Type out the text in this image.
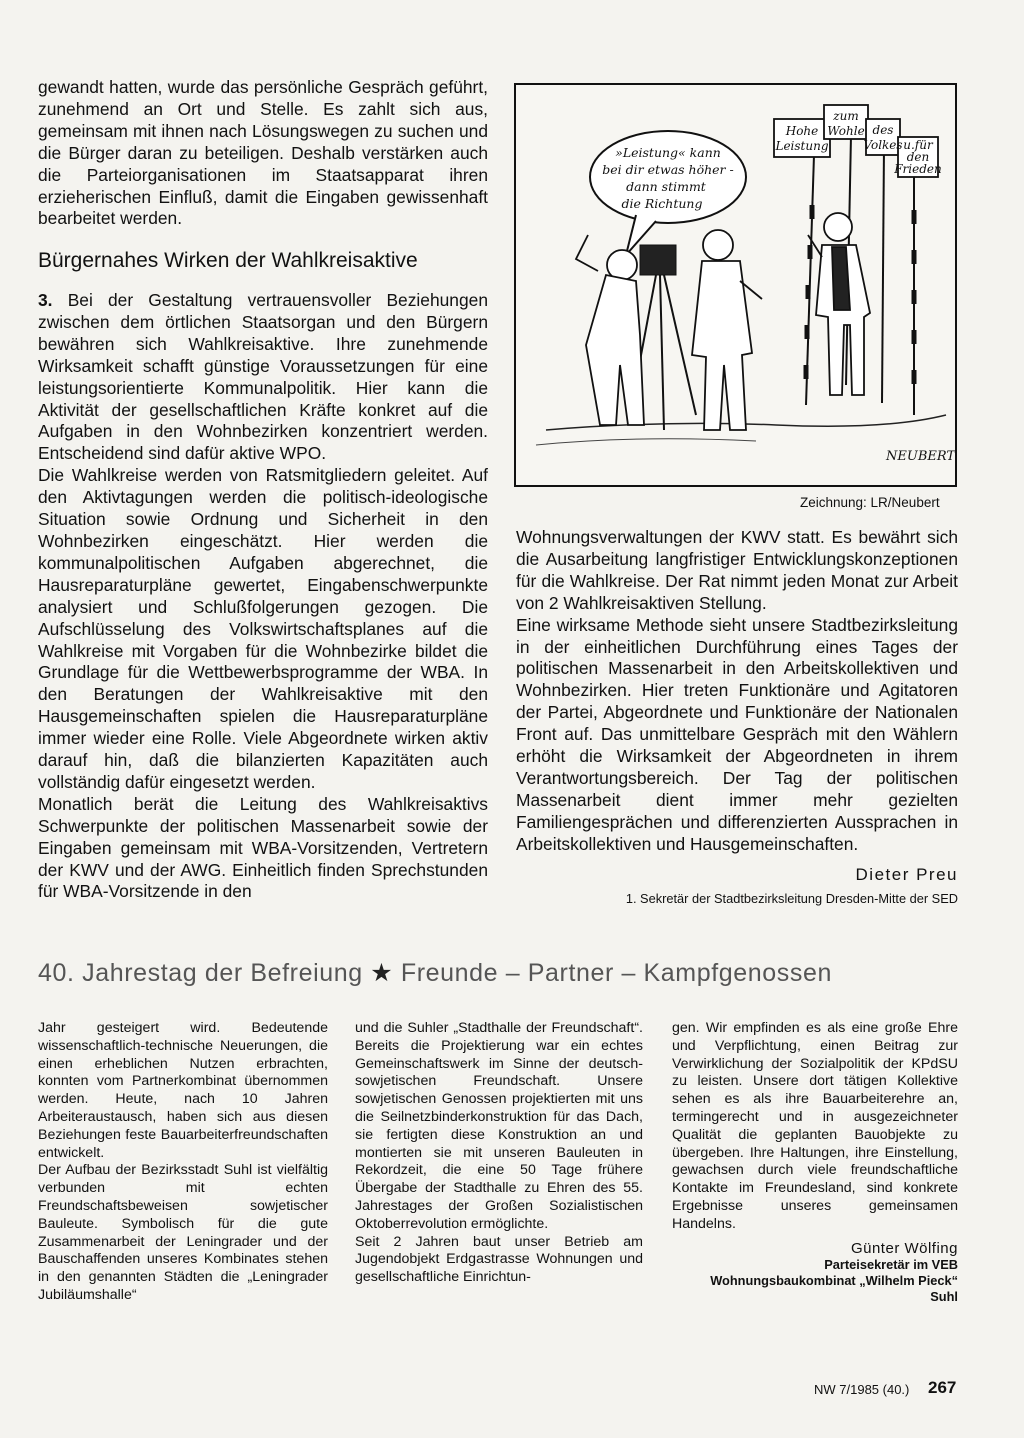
gewandt hatten, wurde das persönliche Gespräch geführt, zunehmend an Ort und Stelle. Es zahlt sich aus, gemeinsam mit ihnen nach Lösungswegen zu suchen und die Bürger daran zu beteiligen. Deshalb verstärken auch die Parteiorganisationen im Staatsapparat ihren erzieherischen Einfluß, damit die Eingaben gewissenhaft bearbeitet werden.

Bürgernahes Wirken der Wahlkreisaktive

3. Bei der Gestaltung vertrauensvoller Beziehungen zwischen dem örtlichen Staatsorgan und den Bürgern bewähren sich Wahlkreisaktive. Ihre zunehmende Wirksamkeit schafft günstige Voraussetzungen für eine leistungsorientierte Kommunalpolitik. Hier kann die Aktivität der gesellschaftlichen Kräfte konkret auf die Aufgaben in den Wohnbezirken konzentriert werden. Entscheidend sind dafür aktive WPO.

Die Wahlkreise werden von Ratsmitgliedern geleitet. Auf den Aktivtagungen werden die politisch-ideologische Situation sowie Ordnung und Sicherheit in den Wohnbezirken eingeschätzt. Hier werden die kommunalpolitischen Aufgaben abgerechnet, die Hausreparaturpläne gewertet, Eingabenschwerpunkte analysiert und Schlußfolgerungen gezogen. Die Aufschlüsselung des Volkswirtschaftsplanes auf die Wahlkreise mit Vorgaben für die Wohnbezirke bildet die Grundlage für die Wettbewerbsprogramme der WBA. In den Beratungen der Wahlkreisaktive mit den Hausgemeinschaften spielen die Hausreparaturpläne immer wieder eine Rolle. Viele Abgeordnete wirken aktiv darauf hin, daß die bilanzierten Kapazitäten auch vollständig dafür eingesetzt werden.

Monatlich berät die Leitung des Wahlkreisaktivs Schwerpunkte der politischen Massenarbeit sowie der Eingaben gemeinsam mit WBA-Vorsitzenden, Vertretern der KWV und der AWG. Einheitlich finden Sprechstunden für WBA-Vorsitzende in den

»Leistung« kann
bei dir etwas höher -
dann stimmt
die Richtung
Hohe
Leistung
zum
Wohle des
Volkes u.für
den
Frieden
NEUBERT
Zeichnung: LR/Neubert

Wohnungsverwaltungen der KWV statt. Es bewährt sich die Ausarbeitung langfristiger Entwicklungskonzeptionen für die Wahlkreise. Der Rat nimmt jeden Monat zur Arbeit von 2 Wahlkreisaktiven Stellung.

Eine wirksame Methode sieht unsere Stadtbezirksleitung in der einheitlichen Durchführung eines Tages der politischen Massenarbeit in den Arbeitskollektiven und Wohnbezirken. Hier treten Funktionäre und Agitatoren der Partei, Abgeordnete und Funktionäre der Nationalen Front auf. Das unmittelbare Gespräch mit den Wählern erhöht die Wirksamkeit der Abgeordneten in ihrem Verantwortungsbereich. Der Tag der politischen Massenarbeit dient immer mehr gezielten Familiengesprächen und differenzierten Aussprachen in Arbeitskollektiven und Hausgemeinschaften.

Dieter Preu
1. Sekretär der Stadtbezirksleitung Dresden-Mitte der SED
40. Jahrestag der Befreiung ★ Freunde – Partner – Kampfgenossen

Jahr gesteigert wird. Bedeutende wissenschaftlich-technische Neuerungen, die einen erheblichen Nutzen erbrachten, konnten vom Partnerkombinat übernommen werden. Heute, nach 10 Jahren Arbeiteraustausch, haben sich aus diesen Beziehungen feste Bauarbeiterfreundschaften entwickelt.

Der Aufbau der Bezirksstadt Suhl ist vielfältig verbunden mit echten Freundschaftsbeweisen sowjetischer Bauleute. Symbolisch für die gute Zusammenarbeit der Leningrader und der Bauschaffenden unseres Kombinates stehen in den genannten Städten die „Leningrader Jubiläumshalle“

und die Suhler „Stadthalle der Freundschaft“. Bereits die Projektierung war ein echtes Gemeinschaftswerk im Sinne der deutsch-sowjetischen Freundschaft. Unsere sowjetischen Genossen projektierten mit uns die Seilnetzbinderkonstruktion für das Dach, sie fertigten diese Konstruktion an und montierten sie mit unseren Bauleuten in Rekordzeit, die eine 50 Tage frühere Übergabe der Stadthalle zu Ehren des 55. Jahrestages der Großen Sozialistischen Oktoberrevolution ermöglichte.

Seit 2 Jahren baut unser Betrieb am Jugendobjekt Erdgastrasse Wohnungen und gesellschaftliche Einrichtun-

gen. Wir empfinden es als eine große Ehre und Verpflichtung, einen Beitrag zur Verwirklichung der Sozialpolitik der KPdSU zu leisten. Unsere dort tätigen Kollektive sehen es als ihre Bauarbeiterehre an, termingerecht und in ausgezeichneter Qualität die geplanten Bauobjekte zu übergeben. Ihre Haltungen, ihre Einstellung, gewachsen durch viele freundschaftliche Kontakte im Freundesland, sind konkrete Ergebnisse unseres gemeinsamen Handelns.

Günter Wölfing
Parteisekretär im VEB
Wohnungsbaukombinat „Wilhelm Pieck“
Suhl
NW 7/1985 (40.) 267
